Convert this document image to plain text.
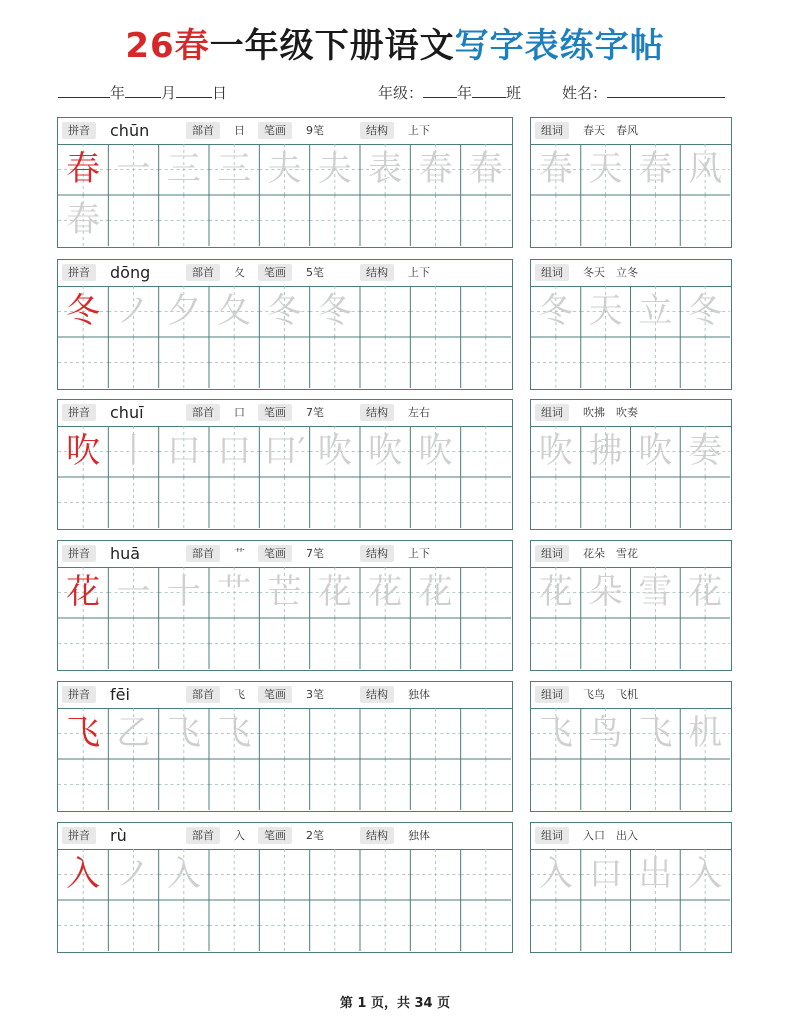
26春一年级下册语文写字表练字帖
年 月 日	年级： 年 班	姓名：
拼音	chūn	部首	日	笔画	9笔	结构	上下
春 一 三 三 夫 夫 表 春 春
春
组词	春天　春风
春 天 春 风
拼音	dōng	部首	夂	笔画	5笔	结构	上下
冬 ノ 夕 夂 冬 冬
组词	冬天　立冬
冬 天 立 冬
拼音	chuī	部首	口	笔画	7笔	结构	左右
吹 丨 口 口 口′ 吹 吹 吹
组词	吹拂　吹奏
吹 拂 吹 奏
拼音	huā	部首	艹	笔画	7笔	结构	上下
花 一 十 艹 芒 花 花 花
组词	花朵　雪花
花 朵 雪 花
拼音	fēi	部首	飞	笔画	3笔	结构	独体
飞 乙 飞 飞
组词	飞鸟　飞机
飞 鸟 飞 机
拼音	rù	部首	入	笔画	2笔	结构	独体
入 ノ 入
组词	入口　出入
入 口 出 入
第 1 页，共 34 页
